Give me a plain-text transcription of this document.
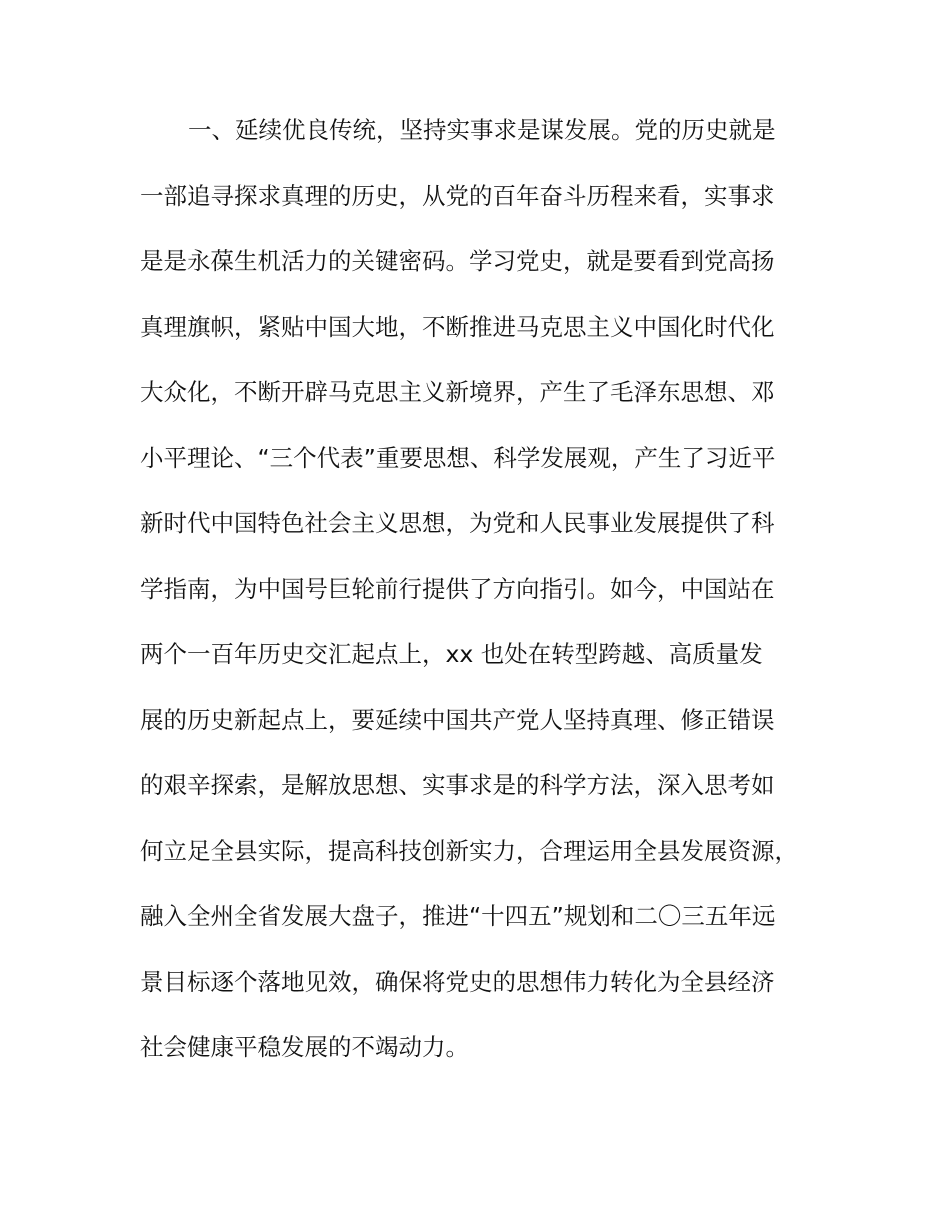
一、延续优良传统，坚持实事求是谋发展。党的历史就是
一部追寻探求真理的历史，从党的百年奋斗历程来看，实事求
是是永葆生机活力的关键密码。学习党史，就是要看到党高扬
真理旗帜，紧贴中国大地，不断推进马克思主义中国化时代化
大众化，不断开辟马克思主义新境界，产生了毛泽东思想、邓
小平理论、“三个代表”重要思想、科学发展观，产生了习近平
新时代中国特色社会主义思想，为党和人民事业发展提供了科
学指南，为中国号巨轮前行提供了方向指引。如今，中国站在
两个一百年历史交汇起点上，xx 也处在转型跨越、高质量发
展的历史新起点上，要延续中国共产党人坚持真理、修正错误
的艰辛探索，是解放思想、实事求是的科学方法，深入思考如
何立足全县实际，提高科技创新实力，合理运用全县发展资源，
融入全州全省发展大盘子，推进“十四五”规划和二〇三五年远
景目标逐个落地见效，确保将党史的思想伟力转化为全县经济
社会健康平稳发展的不竭动力。
